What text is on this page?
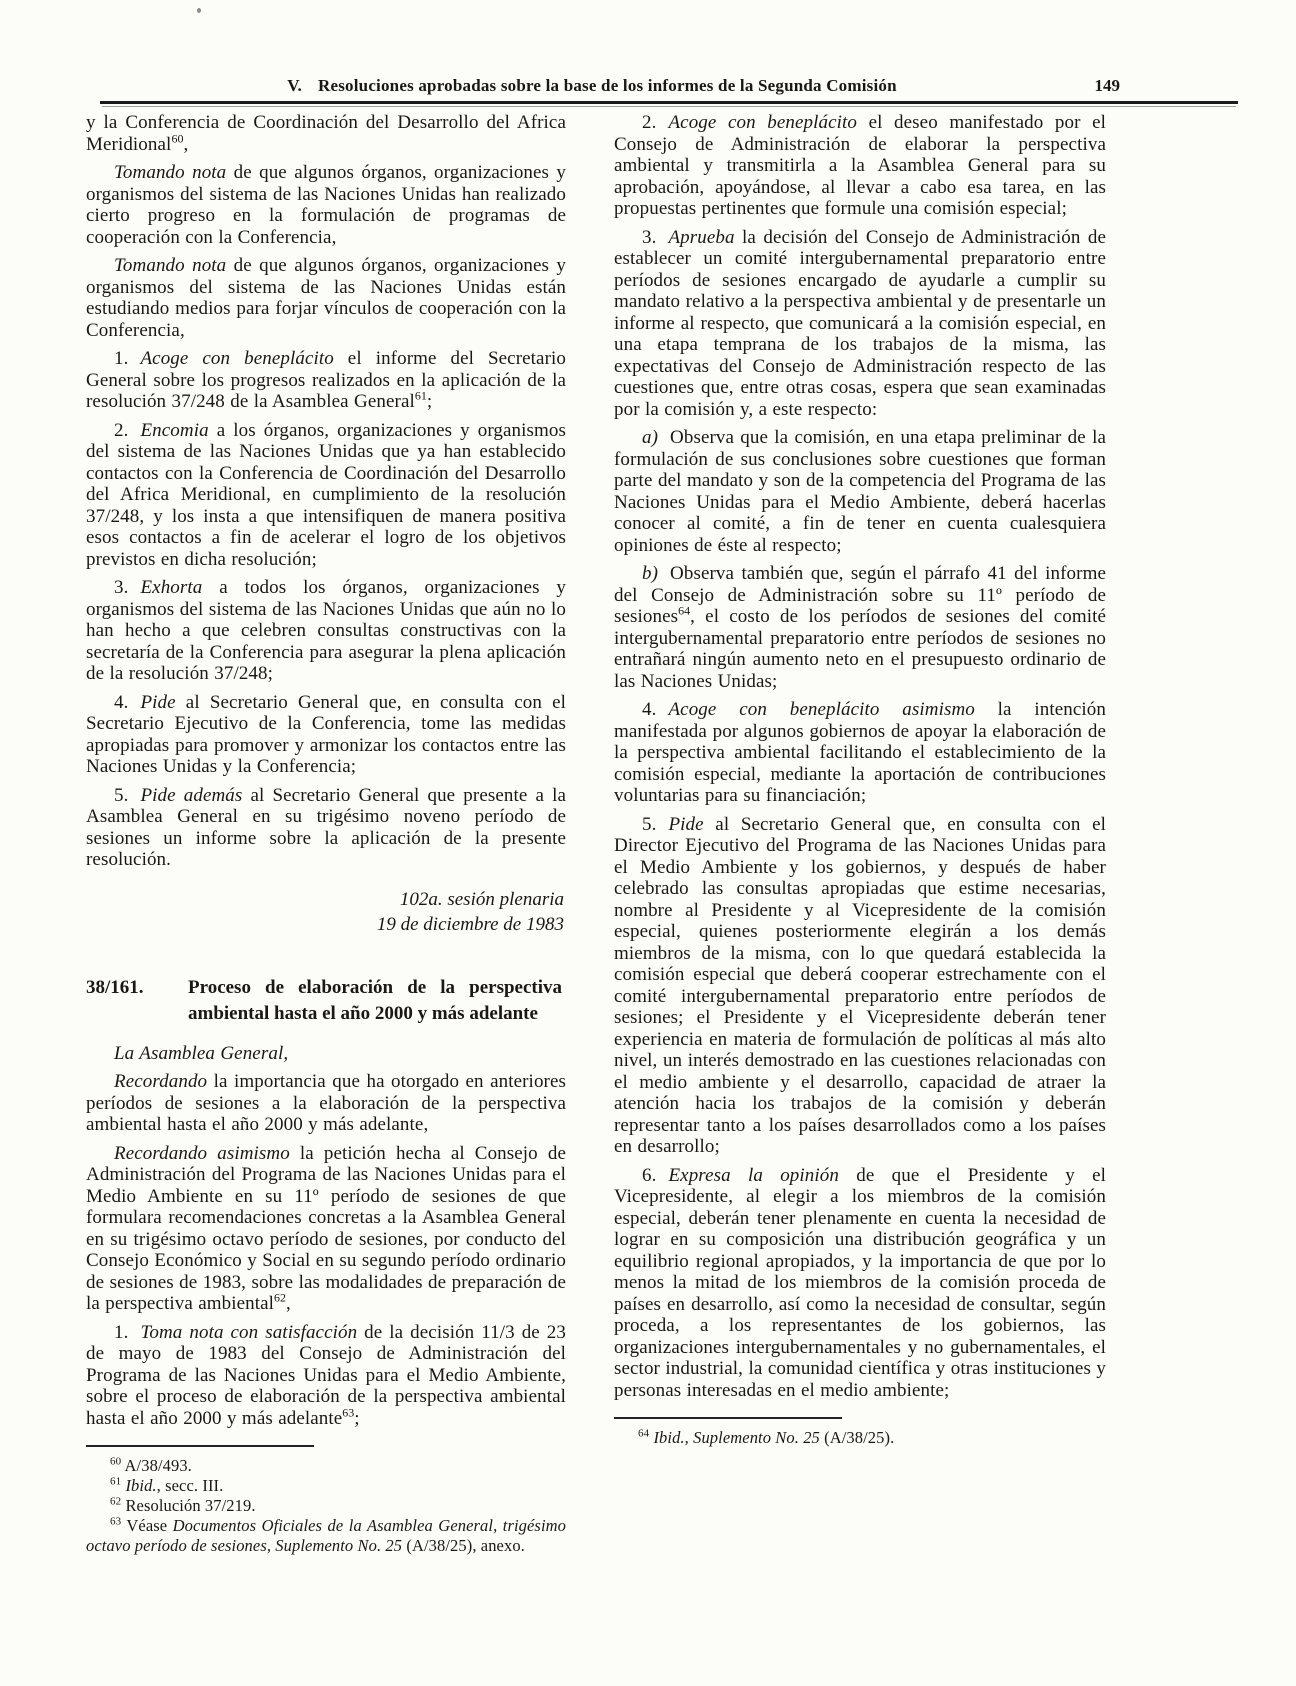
V. Resoluciones aprobadas sobre la base de los informes de la Segunda Comisión	149

y la Conferencia de Coordinación del Desarrollo del Africa Meridional$^{60}$,

Tomando nota de que algunos órganos, organizaciones y organismos del sistema de las Naciones Unidas han realizado cierto progreso en la formulación de programas de cooperación con la Conferencia,

Tomando nota de que algunos órganos, organizaciones y organismos del sistema de las Naciones Unidas están estudiando medios para forjar vínculos de cooperación con la Conferencia,

1. Acoge con beneplácito el informe del Secretario General sobre los progresos realizados en la aplicación de la resolución 37/248 de la Asamblea General$^{61}$;

2. Encomia a los órganos, organizaciones y organismos del sistema de las Naciones Unidas que ya han establecido contactos con la Conferencia de Coordinación del Desarrollo del Africa Meridional, en cumplimiento de la resolución 37/248, y los insta a que intensifiquen de manera positiva esos contactos a fin de acelerar el logro de los objetivos previstos en dicha resolución;

3. Exhorta a todos los órganos, organizaciones y organismos del sistema de las Naciones Unidas que aún no lo han hecho a que celebren consultas constructivas con la secretaría de la Conferencia para asegurar la plena aplicación de la resolución 37/248;

4. Pide al Secretario General que, en consulta con el Secretario Ejecutivo de la Conferencia, tome las medidas apropiadas para promover y armonizar los contactos entre las Naciones Unidas y la Conferencia;

5. Pide además al Secretario General que presente a la Asamblea General en su trigésimo noveno período de sesiones un informe sobre la aplicación de la presente resolución.

102a. sesión plenaria
19 de diciembre de 1983
38/161.	Proceso de elaboración de la perspectiva ambiental hasta el año 2000 y más adelante

La Asamblea General,

Recordando la importancia que ha otorgado en anteriores períodos de sesiones a la elaboración de la perspectiva ambiental hasta el año 2000 y más adelante,

Recordando asimismo la petición hecha al Consejo de Administración del Programa de las Naciones Unidas para el Medio Ambiente en su 11º período de sesiones de que formulara recomendaciones concretas a la Asamblea General en su trigésimo octavo período de sesiones, por conducto del Consejo Económico y Social en su segundo período ordinario de sesiones de 1983, sobre las modalidades de preparación de la perspectiva ambiental$^{62}$,

1. Toma nota con satisfacción de la decisión 11/3 de 23 de mayo de 1983 del Consejo de Administración del Programa de las Naciones Unidas para el Medio Ambiente, sobre el proceso de elaboración de la perspectiva ambiental hasta el año 2000 y más adelante$^{63}$;

$^{60}$ A/38/493.

$^{61}$ Ibid., secc. III.

$^{62}$ Resolución 37/219.

$^{63}$ Véase Documentos Oficiales de la Asamblea General, trigésimo octavo período de sesiones, Suplemento No. 25 (A/38/25), anexo.

2. Acoge con beneplácito el deseo manifestado por el Consejo de Administración de elaborar la perspectiva ambiental y transmitirla a la Asamblea General para su aprobación, apoyándose, al llevar a cabo esa tarea, en las propuestas pertinentes que formule una comisión especial;

3. Aprueba la decisión del Consejo de Administración de establecer un comité intergubernamental preparatorio entre períodos de sesiones encargado de ayudarle a cumplir su mandato relativo a la perspectiva ambiental y de presentarle un informe al respecto, que comunicará a la comisión especial, en una etapa temprana de los trabajos de la misma, las expectativas del Consejo de Administración respecto de las cuestiones que, entre otras cosas, espera que sean examinadas por la comisión y, a este respecto:

a) Observa que la comisión, en una etapa preliminar de la formulación de sus conclusiones sobre cuestiones que forman parte del mandato y son de la competencia del Programa de las Naciones Unidas para el Medio Ambiente, deberá hacerlas conocer al comité, a fin de tener en cuenta cualesquiera opiniones de éste al respecto;

b) Observa también que, según el párrafo 41 del informe del Consejo de Administración sobre su 11º período de sesiones$^{64}$, el costo de los períodos de sesiones del comité intergubernamental preparatorio entre períodos de sesiones no entrañará ningún aumento neto en el presupuesto ordinario de las Naciones Unidas;

4. Acoge con beneplácito asimismo la intención manifestada por algunos gobiernos de apoyar la elaboración de la perspectiva ambiental facilitando el establecimiento de la comisión especial, mediante la aportación de contribuciones voluntarias para su financiación;

5. Pide al Secretario General que, en consulta con el Director Ejecutivo del Programa de las Naciones Unidas para el Medio Ambiente y los gobiernos, y después de haber celebrado las consultas apropiadas que estime necesarias, nombre al Presidente y al Vicepresidente de la comisión especial, quienes posteriormente elegirán a los demás miembros de la misma, con lo que quedará establecida la comisión especial que deberá cooperar estrechamente con el comité intergubernamental preparatorio entre períodos de sesiones; el Presidente y el Vicepresidente deberán tener experiencia en materia de formulación de políticas al más alto nivel, un interés demostrado en las cuestiones relacionadas con el medio ambiente y el desarrollo, capacidad de atraer la atención hacia los trabajos de la comisión y deberán representar tanto a los países desarrollados como a los países en desarrollo;

6. Expresa la opinión de que el Presidente y el Vicepresidente, al elegir a los miembros de la comisión especial, deberán tener plenamente en cuenta la necesidad de lograr en su composición una distribución geográfica y un equilibrio regional apropiados, y la importancia de que por lo menos la mitad de los miembros de la comisión proceda de países en desarrollo, así como la necesidad de consultar, según proceda, a los representantes de los gobiernos, las organizaciones intergubernamentales y no gubernamentales, el sector industrial, la comunidad científica y otras instituciones y personas interesadas en el medio ambiente;

$^{64}$ Ibid., Suplemento No. 25 (A/38/25).
